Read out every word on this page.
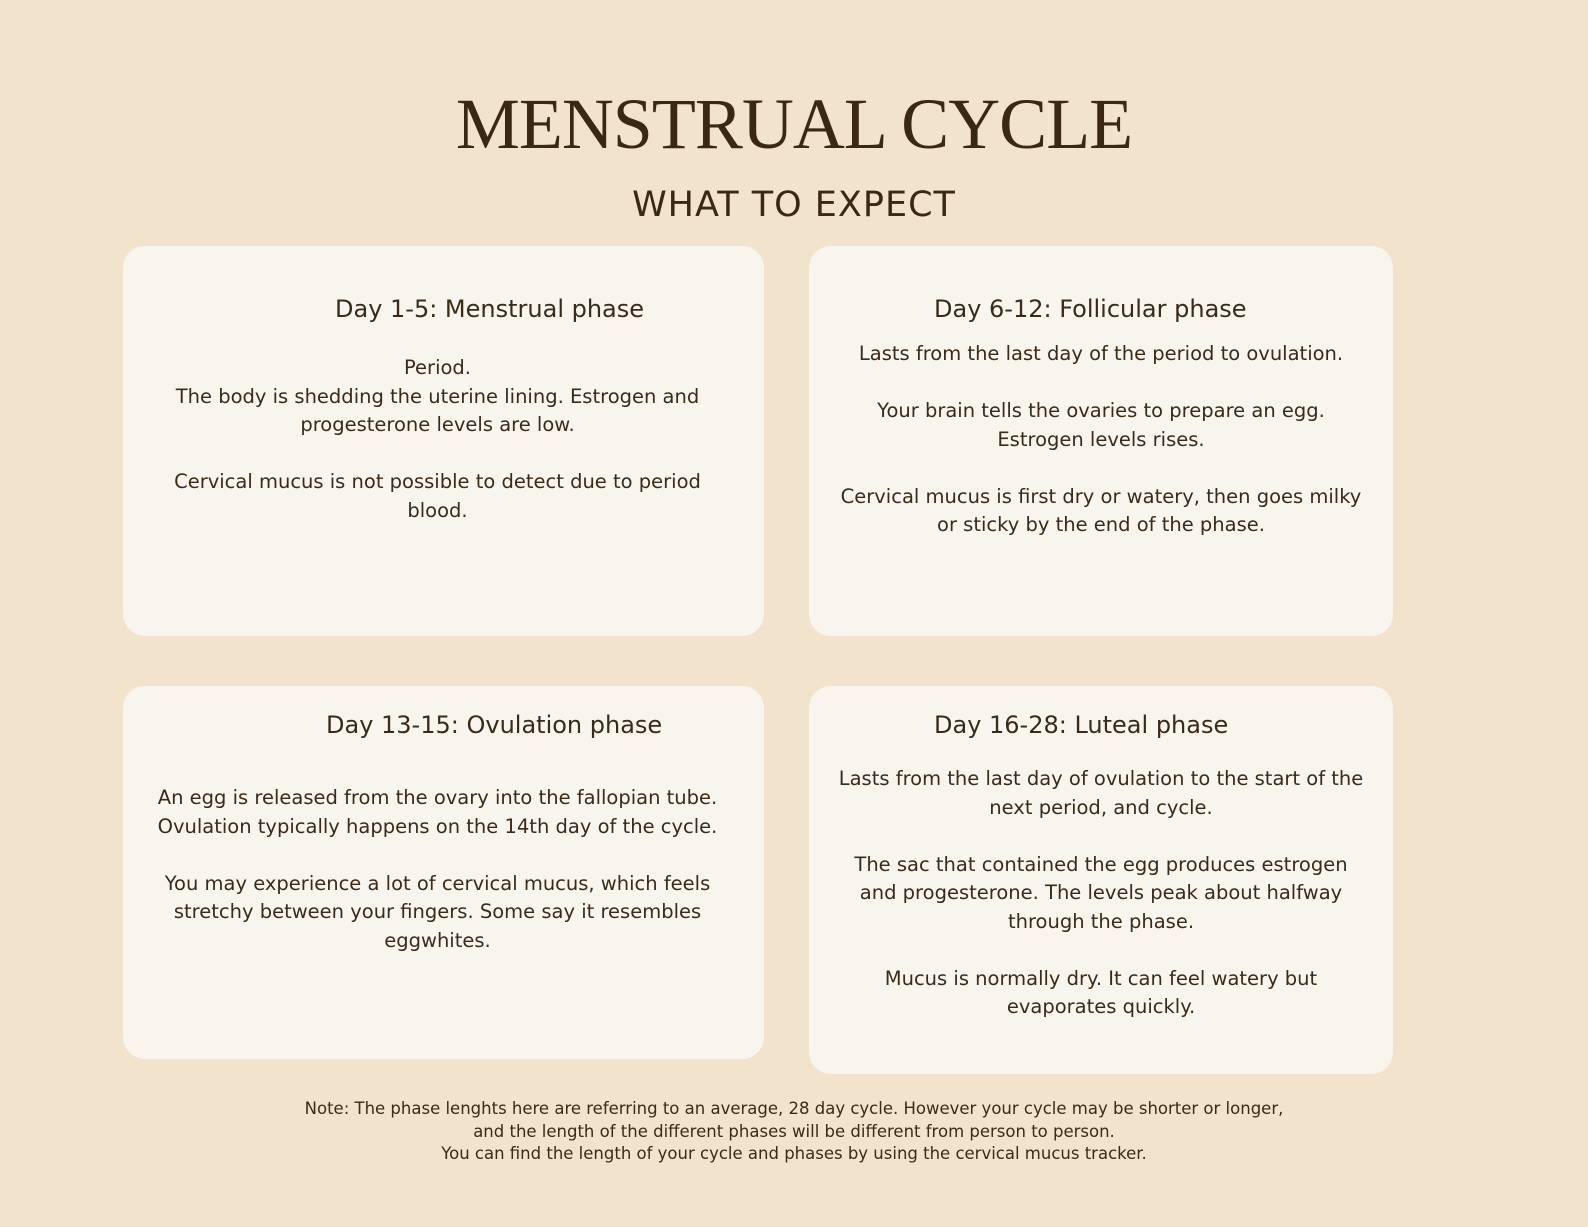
MENSTRUAL CYCLE
WHAT TO EXPECT
Day 1-5: Menstrual phase

Period.
The body is shedding the uterine lining. Estrogen and
progesterone levels are low.

Cervical mucus is not possible to detect due to period
blood.

Day 6-12: Follicular phase

Lasts from the last day of the period to ovulation.

Your brain tells the ovaries to prepare an egg.
Estrogen levels rises.

Cervical mucus is first dry or watery, then goes milky
or sticky by the end of the phase.

Day 13-15: Ovulation phase

An egg is released from the ovary into the fallopian tube.
Ovulation typically happens on the 14th day of the cycle.

You may experience a lot of cervical mucus, which feels
stretchy between your fingers. Some say it resembles
eggwhites.

Day 16-28: Luteal phase

Lasts from the last day of ovulation to the start of the
next period, and cycle.

The sac that contained the egg produces estrogen
and progesterone. The levels peak about halfway
through the phase.

Mucus is normally dry. It can feel watery but
evaporates quickly.

Note: The phase lenghts here are referring to an average, 28 day cycle. However your cycle may be shorter or longer,
and the length of the different phases will be different from person to person.
You can find the length of your cycle and phases by using the cervical mucus tracker.
